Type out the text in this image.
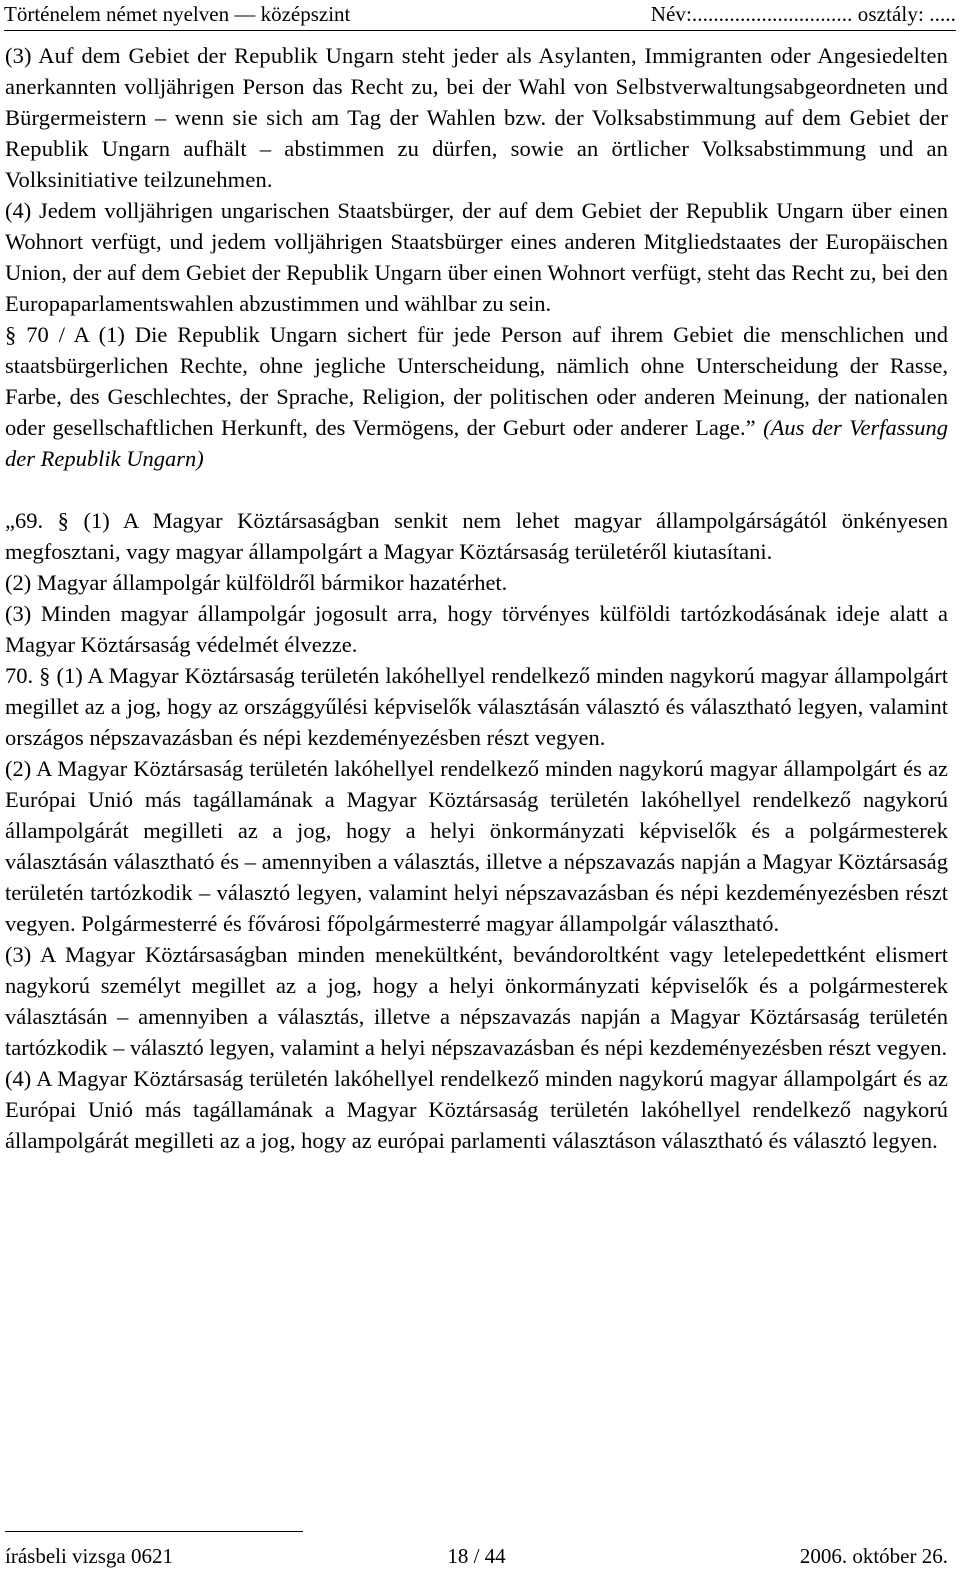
Történelem német nyelven — középszint	Név:.............................. osztály: .....

(3) Auf dem Gebiet der Republik Ungarn steht jeder als Asylanten, Immigranten oder Angesiedelten anerkannten volljährigen Person das Recht zu, bei der Wahl von Selbstverwaltungsabgeordneten und Bürgermeistern – wenn sie sich am Tag der Wahlen bzw. der Volksabstimmung auf dem Gebiet der Republik Ungarn aufhält – abstimmen zu dürfen, sowie an örtlicher Volksabstimmung und an Volksinitiative teilzunehmen.

(4) Jedem volljährigen ungarischen Staatsbürger, der auf dem Gebiet der Republik Ungarn über einen Wohnort verfügt, und jedem volljährigen Staatsbürger eines anderen Mitgliedstaates der Europäischen Union, der auf dem Gebiet der Republik Ungarn über einen Wohnort verfügt, steht das Recht zu, bei den Europaparlamentswahlen abzustimmen und wählbar zu sein.

§ 70 / A (1) Die Republik Ungarn sichert für jede Person auf ihrem Gebiet die menschlichen und staatsbürgerlichen Rechte, ohne jegliche Unterscheidung, nämlich ohne Unterscheidung der Rasse, Farbe, des Geschlechtes, der Sprache, Religion, der politischen oder anderen Meinung, der nationalen oder gesellschaftlichen Herkunft, des Vermögens, der Geburt oder anderer Lage.” (Aus der Verfassung der Republik Ungarn)

„69. § (1) A Magyar Köztársaságban senkit nem lehet magyar állampolgárságától önkényesen megfosztani, vagy magyar állampolgárt a Magyar Köztársaság területéről kiutasítani.

(2) Magyar állampolgár külföldről bármikor hazatérhet.

(3) Minden magyar állampolgár jogosult arra, hogy törvényes külföldi tartózkodásának ideje alatt a Magyar Köztársaság védelmét élvezze.

70. § (1) A Magyar Köztársaság területén lakóhellyel rendelkező minden nagykorú magyar állampolgárt megillet az a jog, hogy az országgyűlési képviselők választásán választó és választható legyen, valamint országos népszavazásban és népi kezdeményezésben részt vegyen.

(2) A Magyar Köztársaság területén lakóhellyel rendelkező minden nagykorú magyar állampolgárt és az Európai Unió más tagállamának a Magyar Köztársaság területén lakóhellyel rendelkező nagykorú állampolgárát megilleti az a jog, hogy a helyi önkormányzati képviselők és a polgármesterek választásán választható és – amennyiben a választás, illetve a népszavazás napján a Magyar Köztársaság területén tartózkodik – választó legyen, valamint helyi népszavazásban és népi kezdeményezésben részt vegyen. Polgármesterré és fővárosi főpolgármesterré magyar állampolgár választható.

(3) A Magyar Köztársaságban minden menekültként, bevándoroltként vagy letelepedettként elismert nagykorú személyt megillet az a jog, hogy a helyi önkormányzati képviselők és a polgármesterek választásán – amennyiben a választás, illetve a népszavazás napján a Magyar Köztársaság területén tartózkodik – választó legyen, valamint a helyi népszavazásban és népi kezdeményezésben részt vegyen.

(4) A Magyar Köztársaság területén lakóhellyel rendelkező minden nagykorú magyar állampolgárt és az Európai Unió más tagállamának a Magyar Köztársaság területén lakóhellyel rendelkező nagykorú állampolgárát megilleti az a jog, hogy az európai parlamenti választáson választható és választó legyen.

írásbeli vizsga 0621	18 / 44	2006. október 26.
